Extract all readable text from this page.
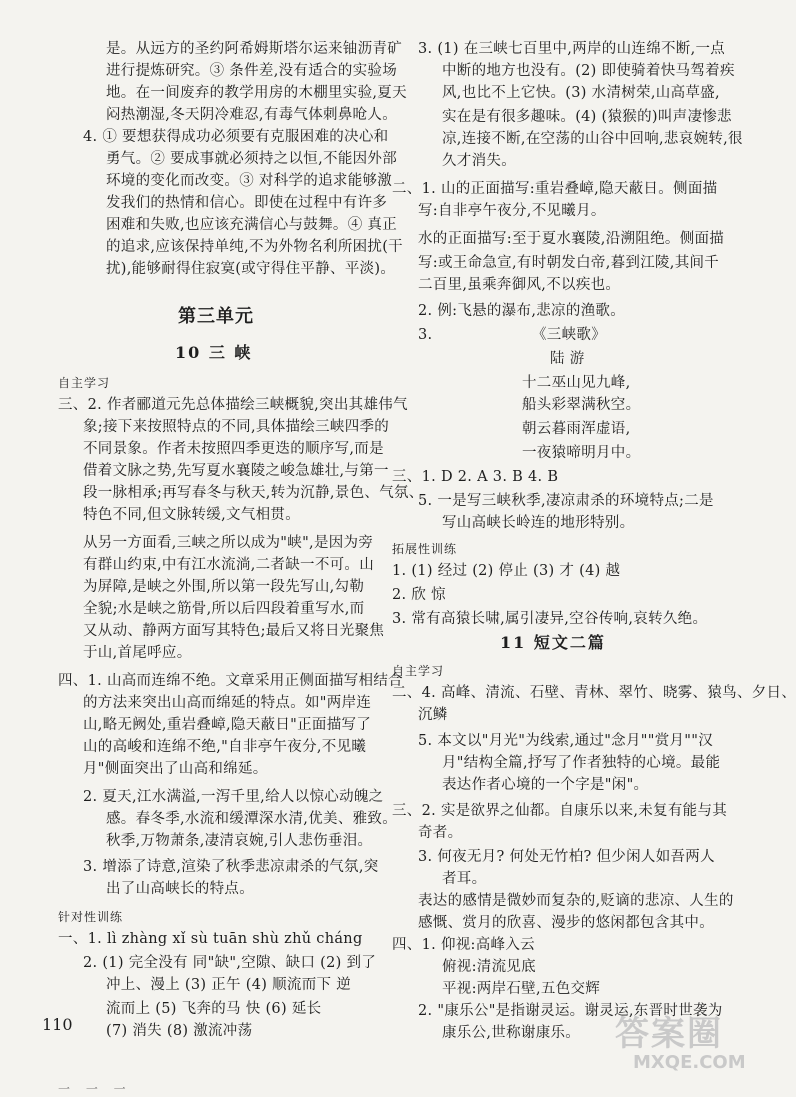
是。从远方的圣约阿希姆斯塔尔运来铀沥青矿
进行提炼研究。③ 条件差,没有适合的实验场
地。在一间废弃的教学用房的木棚里实验,夏天
闷热潮湿,冬天阴冷难忍,有毒气体刺鼻呛人。
4. ① 要想获得成功必须要有克服困难的决心和
勇气。② 要成事就必须持之以恒,不能因外部
环境的变化而改变。③ 对科学的追求能够激
发我们的热情和信心。即使在过程中有许多
困难和失败,也应该充满信心与鼓舞。④ 真正
的追求,应该保持单纯,不为外物名利所困扰(干
扰),能够耐得住寂寞(或守得住平静、平淡)。
第三单元
10 三 峡
自主学习
三、2. 作者郦道元先总体描绘三峡概貌,突出其雄伟气
象;接下来按照特点的不同,具体描绘三峡四季的
不同景象。作者未按照四季更迭的顺序写,而是
借着文脉之势,先写夏水襄陵之峻急雄壮,与第一
段一脉相承;再写春冬与秋天,转为沉静,景色、气氛、
特色不同,但文脉转缓,文气相贯。
从另一方面看,三峡之所以成为"峡",是因为旁
有群山约束,中有江水流淌,二者缺一不可。山
为屏障,是峡之外围,所以第一段先写山,勾勒
全貌;水是峡之筋骨,所以后四段着重写水,而
又从动、静两方面写其特色;最后又将日光聚焦
于山,首尾呼应。
四、1. 山高而连绵不绝。文章采用正侧面描写相结合
的方法来突出山高而绵延的特点。如"两岸连
山,略无阙处,重岩叠嶂,隐天蔽日"正面描写了
山的高峻和连绵不绝,"自非亭午夜分,不见曦
月"侧面突出了山高和绵延。
2. 夏天,江水满溢,一泻千里,给人以惊心动魄之
感。春冬季,水流和缓潭深水清,优美、雅致。
秋季,万物萧条,凄清哀婉,引人悲伤垂泪。
3. 增添了诗意,渲染了秋季悲凉肃杀的气氛,突
出了山高峡长的特点。
针对性训练
一、1. lì zhàng xǐ sù tuān shù zhǔ cháng
2. (1) 完全没有 同"缺",空隙、缺口 (2) 到了
冲上、漫上 (3) 正午 (4) 顺流而下 逆
流而上 (5) 飞奔的马 快 (6) 延长
(7) 消失 (8) 激流冲荡
3. (1) 在三峡七百里中,两岸的山连绵不断,一点
中断的地方也没有。(2) 即使骑着快马驾着疾
风,也比不上它快。(3) 水清树荣,山高草盛,
实在是有很多趣味。(4) (猿猴的)叫声凄惨悲
凉,连接不断,在空荡的山谷中回响,悲哀婉转,很
久才消失。
二、1. 山的正面描写:重岩叠嶂,隐天蔽日。侧面描
写:自非亭午夜分,不见曦月。
水的正面描写:至于夏水襄陵,沿溯阻绝。侧面描
写:或王命急宣,有时朝发白帝,暮到江陵,其间千
二百里,虽乘奔御风,不以疾也。
2. 例:飞悬的瀑布,悲凉的渔歌。
3.	《三峡歌》
陆 游
十二巫山见九峰,
船头彩翠满秋空。
朝云暮雨浑虚语,
一夜猿啼明月中。
三、1. D 2. A 3. B 4. B
5. 一是写三峡秋季,凄凉肃杀的环境特点;二是
写山高峡长岭连的地形特别。
拓展性训练
1. (1) 经过 (2) 停止 (3) 才 (4) 越
2. 欣 惊
3. 常有高猿长啸,属引凄异,空谷传响,哀转久绝。
11 短文二篇
自主学习
二、4. 高峰、清流、石壁、青林、翠竹、晓雾、猿鸟、夕日、
沉鳞
5. 本文以"月光"为线索,通过"念月""赏月""汉
月"结构全篇,抒写了作者独特的心境。最能
表达作者心境的一个字是"闲"。
三、2. 实是欲界之仙都。自康乐以来,未复有能与其
奇者。
3. 何夜无月? 何处无竹柏? 但少闲人如吾两人
者耳。
表达的感情是微妙而复杂的,贬谪的悲凉、人生的
感慨、赏月的欣喜、漫步的悠闲都包含其中。
四、1. 仰视:高峰入云
俯视:清流见底
平视:两岸石壁,五色交辉
2. "康乐公"是指谢灵运。谢灵运,东晋时世袭为
康乐公,世称谢康乐。
110
一 一 一
答案圈
MXQE.COM
